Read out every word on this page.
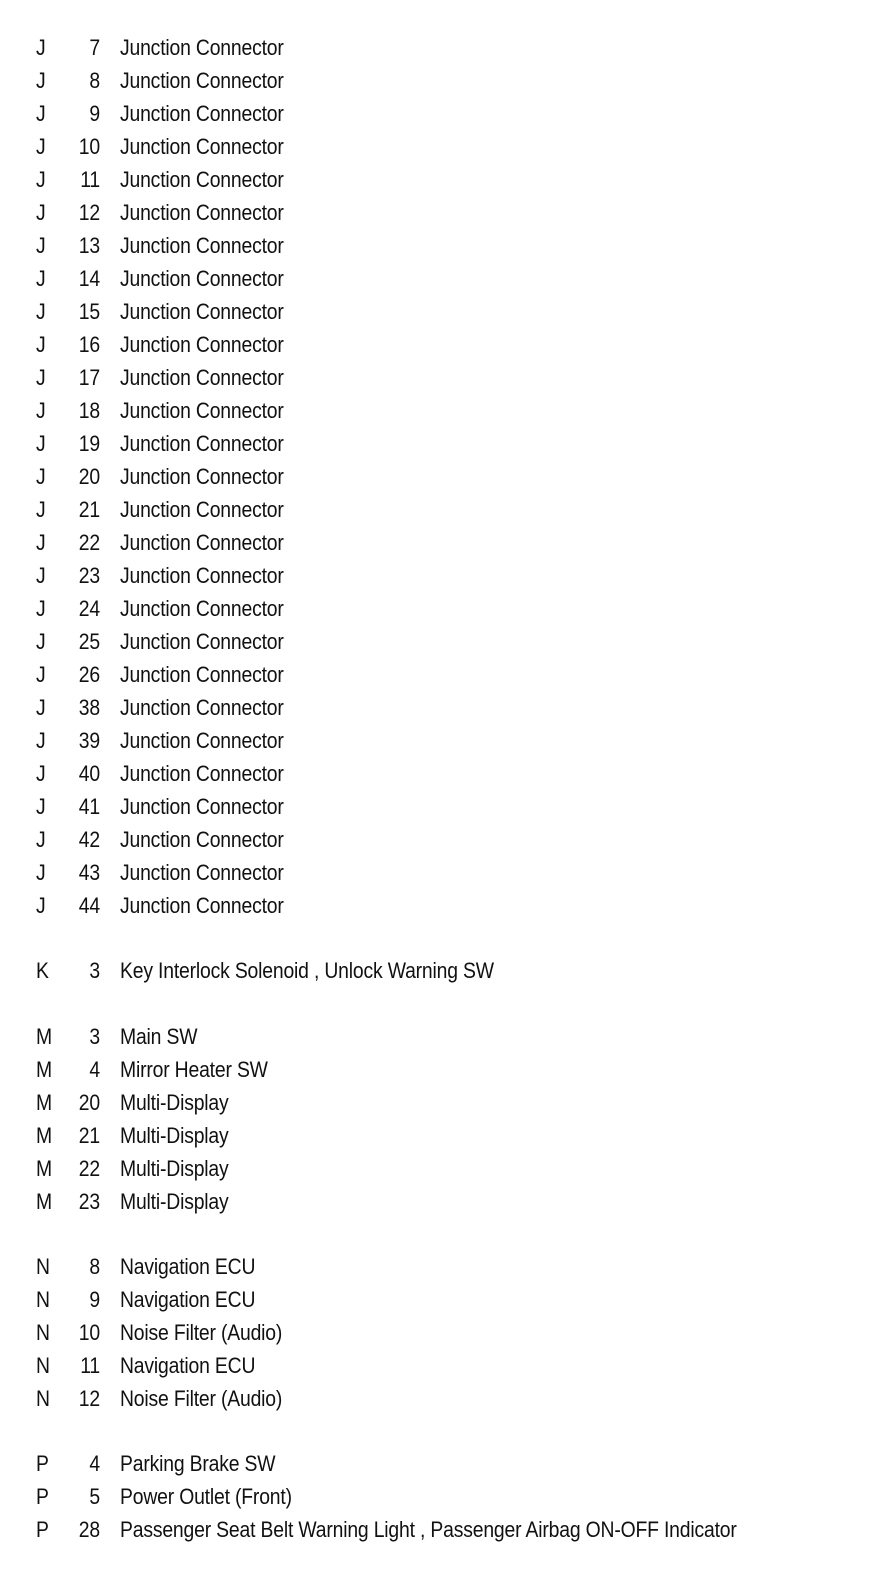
J	7 Junction Connector
J	8 Junction Connector
J	9 Junction Connector
J	10 Junction Connector
J	11 Junction Connector
J	12 Junction Connector
J	13 Junction Connector
J	14 Junction Connector
J	15 Junction Connector
J	16 Junction Connector
J	17 Junction Connector
J	18 Junction Connector
J	19 Junction Connector
J	20 Junction Connector
J	21 Junction Connector
J	22 Junction Connector
J	23 Junction Connector
J	24 Junction Connector
J	25 Junction Connector
J	26 Junction Connector
J	38 Junction Connector
J	39 Junction Connector
J	40 Junction Connector
J	41 Junction Connector
J	42 Junction Connector
J	43 Junction Connector
J	44 Junction Connector
K	3 Key Interlock Solenoid , Unlock Warning SW
M	3 Main SW
M	4 Mirror Heater SW
M	20 Multi-Display
M	21 Multi-Display
M	22 Multi-Display
M	23 Multi-Display
N	8 Navigation ECU
N	9 Navigation ECU
N	10 Noise Filter (Audio)
N	11 Navigation ECU
N	12 Noise Filter (Audio)
P	4 Parking Brake SW
P	5 Power Outlet (Front)
P	28 Passenger Seat Belt Warning Light , Passenger Airbag ON-OFF Indicator
